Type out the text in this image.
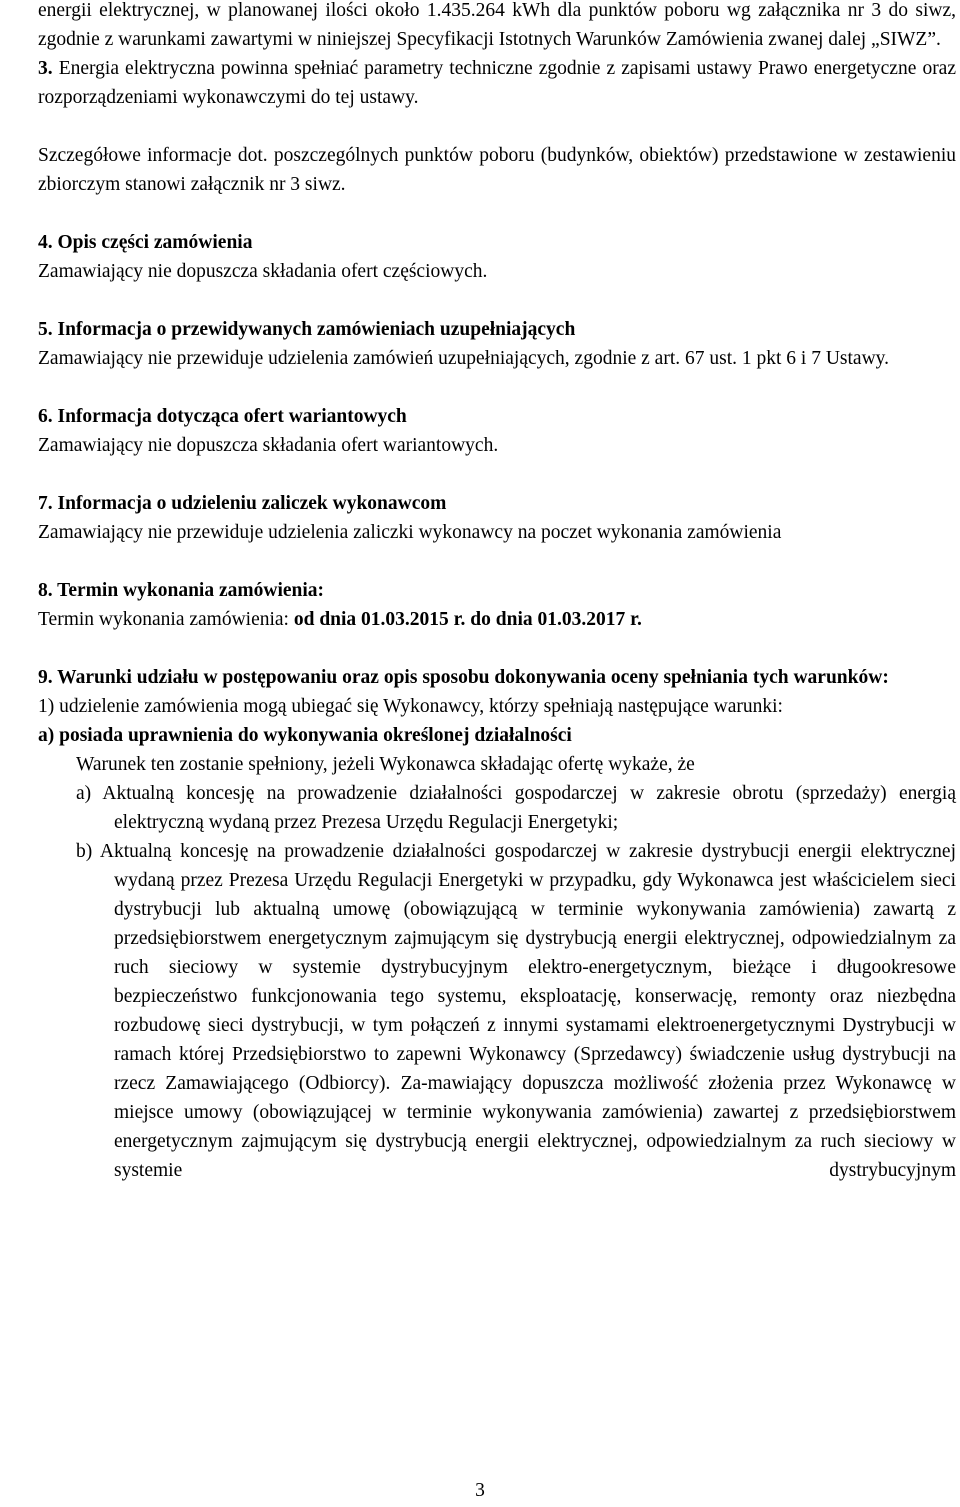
energii elektrycznej, w planowanej ilości około 1.435.264 kWh dla punktów poboru wg załącznika nr 3 do siwz, zgodnie z warunkami zawartymi w niniejszej Specyfikacji Istotnych Warunków Zamówienia zwanej dalej „SIWZ”.

3. Energia elektryczna powinna spełniać parametry techniczne zgodnie z zapisami ustawy Prawo energetyczne oraz rozporządzeniami wykonawczymi do tej ustawy.

Szczegółowe informacje dot. poszczególnych punktów poboru (budynków, obiektów) przedstawione w zestawieniu zbiorczym stanowi załącznik nr 3 siwz.

4. Opis części zamówienia

Zamawiający nie dopuszcza składania ofert częściowych.

5. Informacja o przewidywanych zamówieniach uzupełniających

Zamawiający nie przewiduje udzielenia zamówień uzupełniających, zgodnie z art. 67 ust. 1 pkt 6 i 7 Ustawy.

6. Informacja dotycząca ofert wariantowych

Zamawiający nie dopuszcza składania ofert wariantowych.

7. Informacja o udzieleniu zaliczek wykonawcom

Zamawiający nie przewiduje udzielenia zaliczki wykonawcy na poczet wykonania zamówienia

8. Termin wykonania zamówienia:

Termin wykonania zamówienia: od dnia 01.03.2015 r. do dnia 01.03.2017 r.

9. Warunki udziału w postępowaniu oraz opis sposobu dokonywania oceny spełniania tych warunków:

1) udzielenie zamówienia mogą ubiegać się Wykonawcy, którzy spełniają następujące warunki:

a) posiada uprawnienia do wykonywania określonej działalności

Warunek ten zostanie spełniony, jeżeli Wykonawca składając ofertę wykaże, że

a) Aktualną koncesję na prowadzenie działalności gospodarczej w zakresie obrotu (sprzedaży) energią elektryczną wydaną przez Prezesa Urzędu Regulacji Energetyki;

b) Aktualną koncesję na prowadzenie działalności gospodarczej w zakresie dystrybucji energii elektrycznej wydaną przez Prezesa Urzędu Regulacji Energetyki w przypadku, gdy Wykonawca jest właścicielem sieci dystrybucji lub aktualną umowę (obowiązującą w terminie wykonywania zamówienia) zawartą z przedsiębiorstwem energetycznym zajmującym się dystrybucją energii elektrycznej, odpowiedzialnym za ruch sieciowy w systemie dystrybucyjnym elektro-energetycznym, bieżące i długookresowe bezpieczeństwo funkcjonowania tego systemu, eksploatację, konserwację, remonty oraz niezbędna rozbudowę sieci dystrybucji, w tym połączeń z innymi systamami elektroenergetycznymi Dystrybucji w ramach której Przedsiębiorstwo to zapewni Wykonawcy (Sprzedawcy) świadczenie usług dystrybucji na rzecz Zamawiającego (Odbiorcy). Za-mawiający dopuszcza możliwość złożenia przez Wykonawcę w miejsce umowy (obowiązującej w terminie wykonywania zamówienia) zawartej z przedsiębiorstwem energetycznym zajmującym się dystrybucją energii elektrycznej, odpowiedzialnym za ruch sieciowy w systemie dystrybucyjnym

3
